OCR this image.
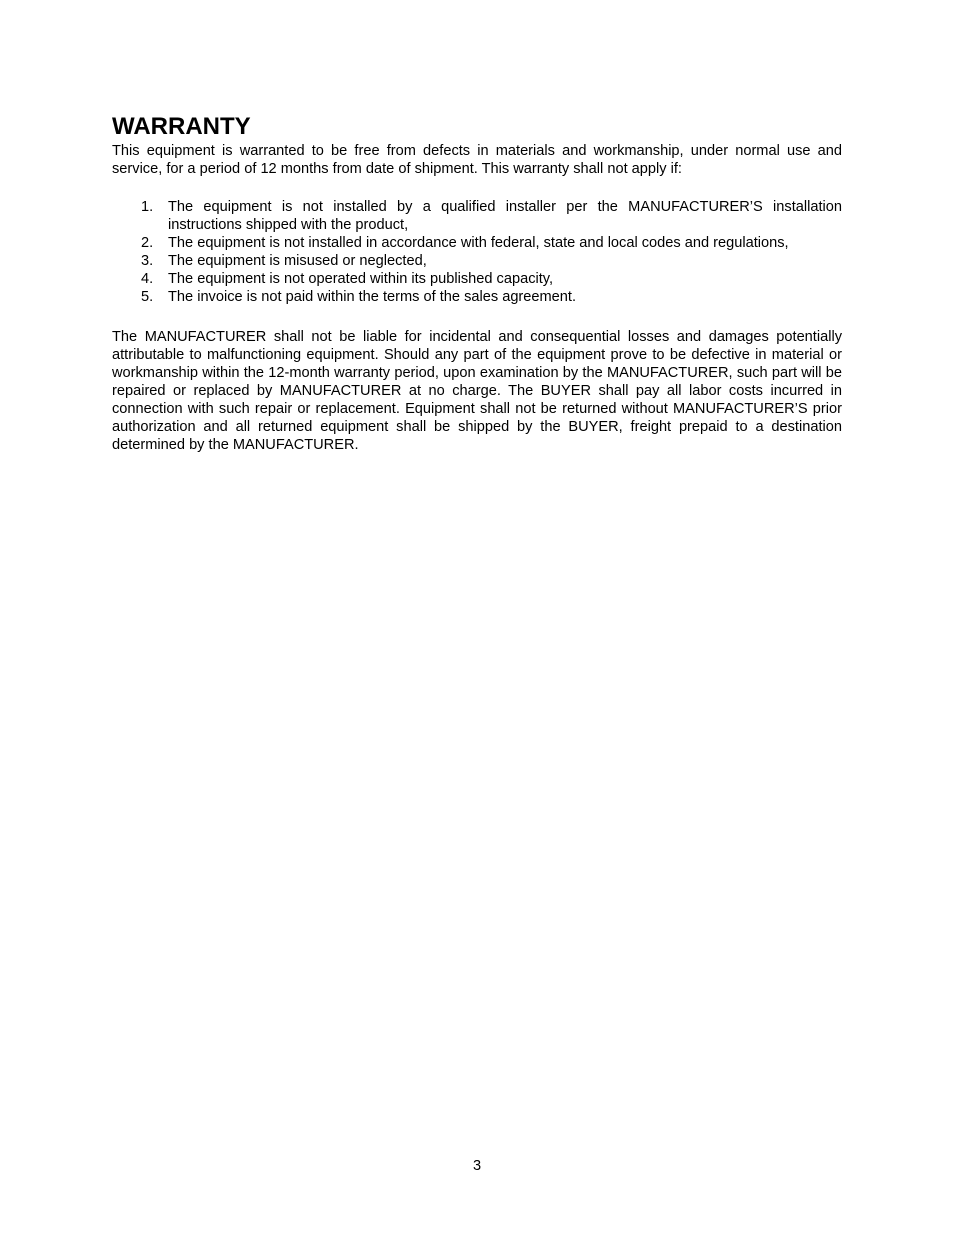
WARRANTY

This equipment is warranted to be free from defects in materials and workmanship, under normal use and service, for a period of 12 months from date of shipment. This warranty shall not apply if:

1. The equipment is not installed by a qualified installer per the MANUFACTURER’S installation instructions shipped with the product,
2. The equipment is not installed in accordance with federal, state and local codes and regulations,
3. The equipment is misused or neglected,
4. The equipment is not operated within its published capacity,
5. The invoice is not paid within the terms of the sales agreement.

The MANUFACTURER shall not be liable for incidental and consequential losses and damages potentially attributable to malfunctioning equipment. Should any part of the equipment prove to be defective in material or workmanship within the 12-month warranty period, upon examination by the MANUFACTURER, such part will be repaired or replaced by MANUFACTURER at no charge. The BUYER shall pay all labor costs incurred in connection with such repair or replacement. Equipment shall not be returned without MANUFACTURER’S prior authorization and all returned equipment shall be shipped by the BUYER, freight prepaid to a destination determined by the MANUFACTURER.

3
